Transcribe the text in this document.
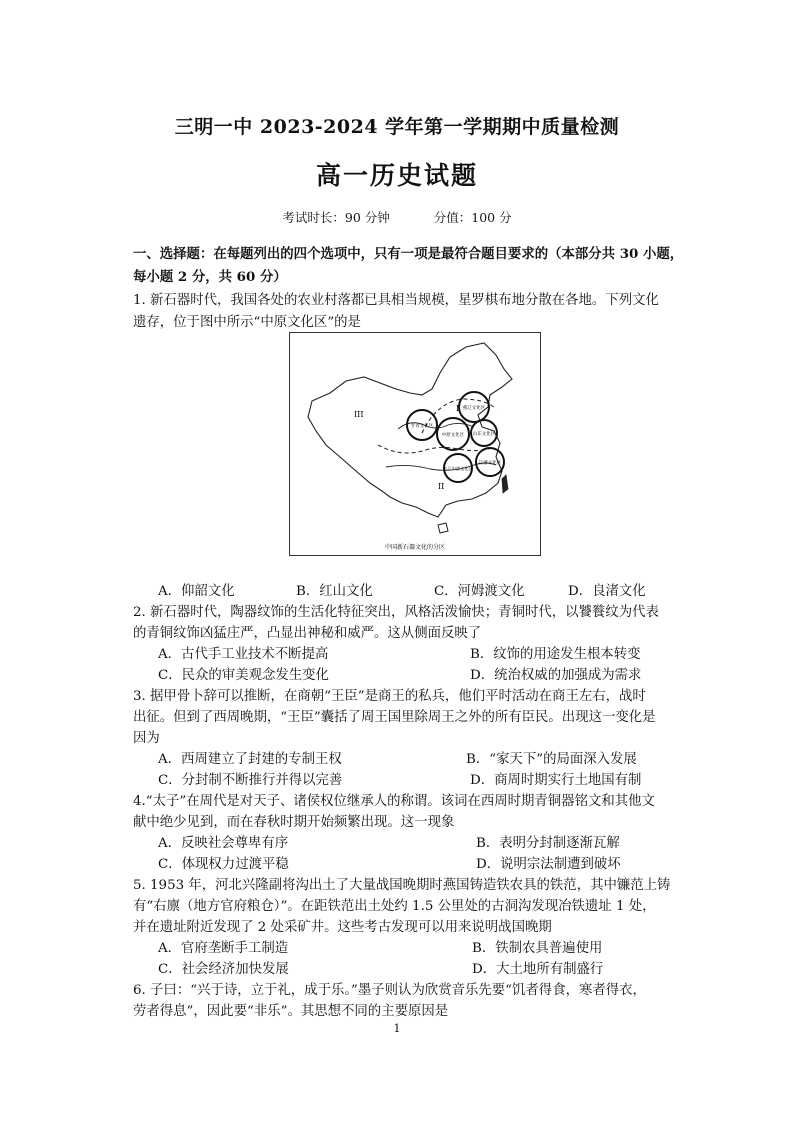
三明一中 2023-2024 学年第一学期期中质量检测
高一历史试题
考试时长：90 分钟	分值：100 分
一、选择题：在每题列出的四个选项中，只有一项是最符合题目要求的（本部分共 30 小题，
每小题 2 分，共 60 分）
1. 新石器时代，我国各处的农业村落都已具相当规模，星罗棋布地分散在各地。下列文化
遗存，位于图中所示“中原文化区”的是
III
II
I
甘青文化区
中原文化区
燕辽文化区
山东文化区
长江中游文化区
江浙文化区
中国新石器文化的分区
A．仰韶文化	B．红山文化	C．河姆渡文化	D．良渚文化
2. 新石器时代，陶器纹饰的生活化特征突出，风格活泼愉快；青铜时代，以饕餮纹为代表
的青铜纹饰凶猛庄严，凸显出神秘和威严。这从侧面反映了
A．古代手工业技术不断提高	B．纹饰的用途发生根本转变
C．民众的审美观念发生变化	D．统治权威的加强成为需求
3. 据甲骨卜辞可以推断，在商朝“王臣”是商王的私兵，他们平时活动在商王左右，战时
出征。但到了西周晚期，“王臣”囊括了周王国里除周王之外的所有臣民。出现这一变化是
因为
A．西周建立了封建的专制王权	B．“家天下”的局面深入发展
C．分封制不断推行并得以完善	D．商周时期实行土地国有制
4.“太子”在周代是对天子、诸侯权位继承人的称谓。该词在西周时期青铜器铭文和其他文
献中绝少见到，而在春秋时期开始频繁出现。这一现象
A．反映社会尊卑有序	B．表明分封制逐渐瓦解
C．体现权力过渡平稳	D．说明宗法制遭到破坏
5. 1953 年，河北兴隆副将沟出土了大量战国晚期时燕国铸造铁农具的铁范，其中镰范上铸
有“右廪（地方官府粮仓）”。在距铁范出土处约 1.5 公里处的古洞沟发现冶铁遗址 1 处，
并在遗址附近发现了 2 处采矿井。这些考古发现可以用来说明战国晚期
A．官府垄断手工制造	B．铁制农具普遍使用
C．社会经济加快发展	D．大土地所有制盛行
6. 子曰：“兴于诗，立于礼，成于乐。”墨子则认为欣赏音乐先要“饥者得食，寒者得衣，
劳者得息”，因此要“非乐”。其思想不同的主要原因是
1
